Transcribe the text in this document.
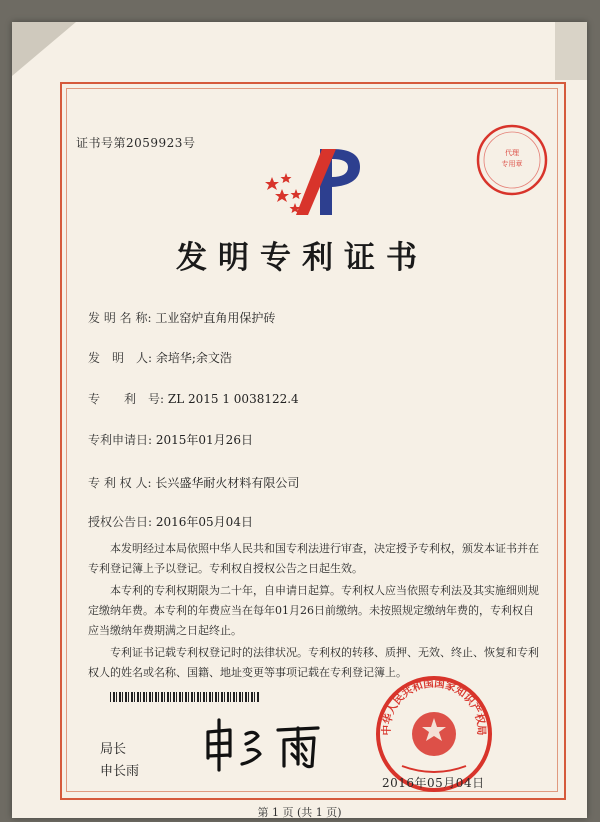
证书号第2059923号
代理
专用章
发明专利证书
发 明 名 称: 工业窑炉直角用保护砖
发　明　人: 余培华;余文浩
专　　利　号: ZL 2015 1 0038122.4
专利申请日: 2015年01月26日
专 利 权 人: 长兴盛华耐火材料有限公司
授权公告日: 2016年05月04日

本发明经过本局依照中华人民共和国专利法进行审查，决定授予专利权，颁发本证书并在专利登记簿上予以登记。专利权自授权公告之日起生效。

本专利的专利权期限为二十年，自申请日起算。专利权人应当依照专利法及其实施细则规定缴纳年费。本专利的年费应当在每年01月26日前缴纳。未按照规定缴纳年费的，专利权自应当缴纳年费期满之日起终止。

专利证书记载专利权登记时的法律状况。专利权的转移、质押、无效、终止、恢复和专利权人的姓名或名称、国籍、地址变更等事项记载在专利登记簿上。

局长
申长雨
中华人民共和国国家知识产权局
2016年05月04日
第 1 页 (共 1 页)
